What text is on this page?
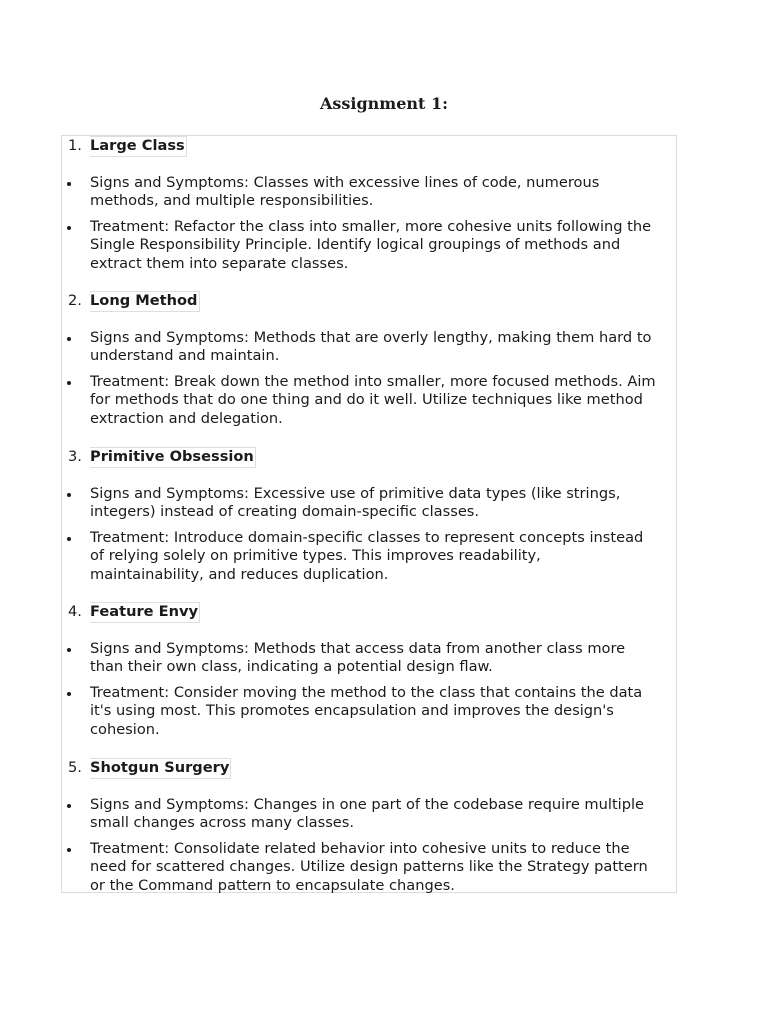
Assignment 1:
1. Large Class
Signs and Symptoms: Classes with excessive lines of code, numerous
methods, and multiple responsibilities.
Treatment: Refactor the class into smaller, more cohesive units following the
Single Responsibility Principle. Identify logical groupings of methods and
extract them into separate classes.
2. Long Method
Signs and Symptoms: Methods that are overly lengthy, making them hard to
understand and maintain.
Treatment: Break down the method into smaller, more focused methods. Aim
for methods that do one thing and do it well. Utilize techniques like method
extraction and delegation.
3. Primitive Obsession
Signs and Symptoms: Excessive use of primitive data types (like strings,
integers) instead of creating domain-specific classes.
Treatment: Introduce domain-specific classes to represent concepts instead
of relying solely on primitive types. This improves readability,
maintainability, and reduces duplication.
4. Feature Envy
Signs and Symptoms: Methods that access data from another class more
than their own class, indicating a potential design flaw.
Treatment: Consider moving the method to the class that contains the data
it's using most. This promotes encapsulation and improves the design's
cohesion.
5. Shotgun Surgery
Signs and Symptoms: Changes in one part of the codebase require multiple
small changes across many classes.
Treatment: Consolidate related behavior into cohesive units to reduce the
need for scattered changes. Utilize design patterns like the Strategy pattern
or the Command pattern to encapsulate changes.
